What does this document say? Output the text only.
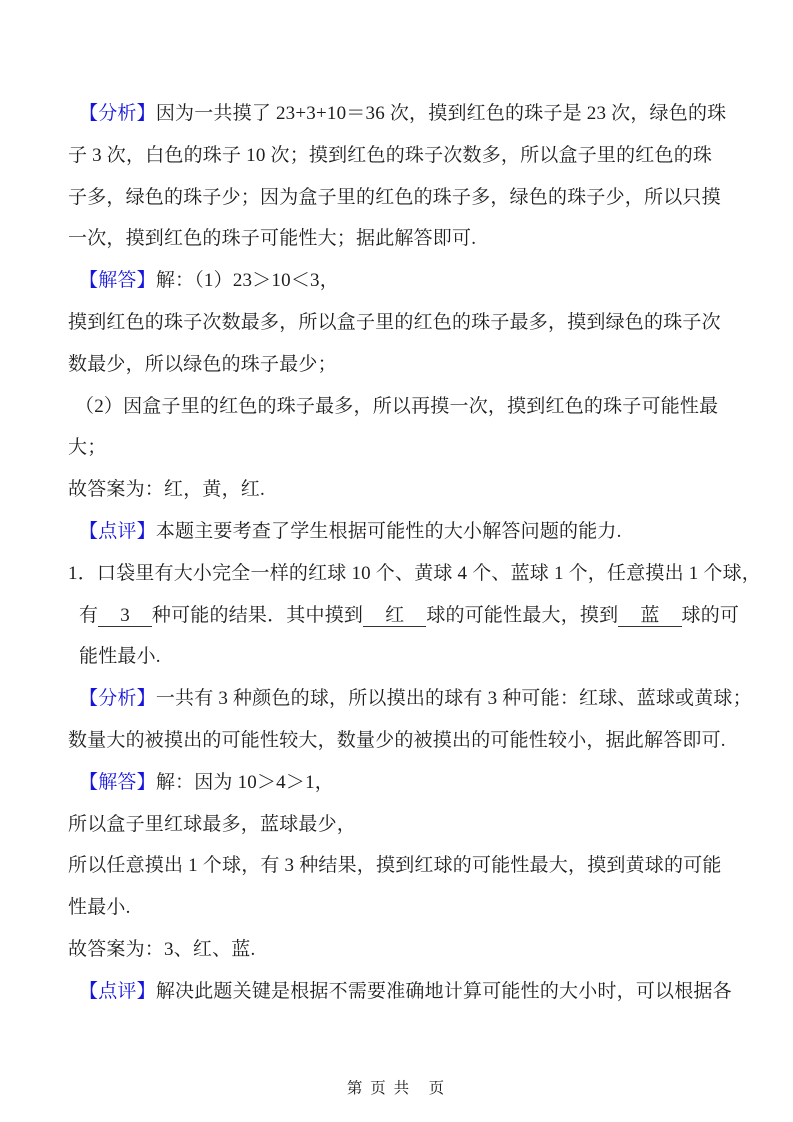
【分析】因为一共摸了 23+3+10＝36 次，摸到红色的珠子是 23 次，绿色的珠
子 3 次，白色的珠子 10 次；摸到红色的珠子次数多，所以盒子里的红色的珠
子多，绿色的珠子少；因为盒子里的红色的珠子多，绿色的珠子少，所以只摸
一次，摸到红色的珠子可能性大；据此解答即可.
【解答】解：（1）23＞10＜3，
摸到红色的珠子次数最多，所以盒子里的红色的珠子最多，摸到绿色的珠子次
数最少，所以绿色的珠子最少；
（2）因盒子里的红色的珠子最多，所以再摸一次，摸到红色的珠子可能性最
大；
故答案为：红，黄，红.
【点评】本题主要考查了学生根据可能性的大小解答问题的能力.
1．口袋里有大小完全一样的红球 10 个、黄球 4 个、蓝球 1 个，任意摸出 1 个球，
有 3 种可能的结果．其中摸到 红 球的可能性最大，摸到 蓝 球的可
能性最小.
【分析】一共有 3 种颜色的球，所以摸出的球有 3 种可能：红球、蓝球或黄球；
数量大的被摸出的可能性较大，数量少的被摸出的可能性较小，据此解答即可.
【解答】解：因为 10＞4＞1，
所以盒子里红球最多，蓝球最少，
所以任意摸出 1 个球，有 3 种结果，摸到红球的可能性最大，摸到黄球的可能
性最小.
故答案为：3、红、蓝.
【点评】解决此题关键是根据不需要准确地计算可能性的大小时，可以根据各
第 页 共　页
